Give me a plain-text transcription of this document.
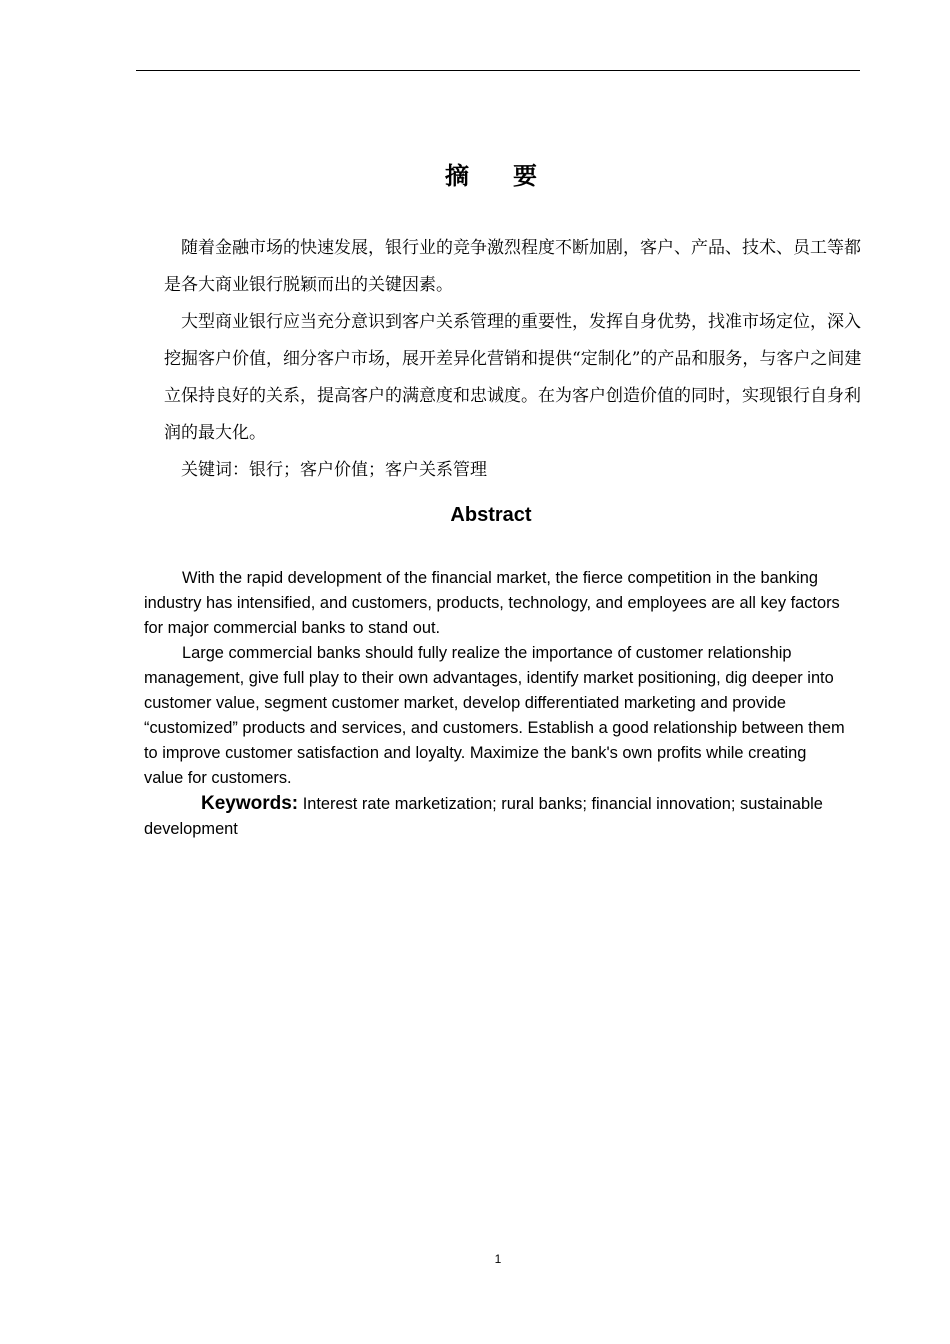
摘要

随着金融市场的快速发展，银行业的竞争激烈程度不断加剧，客户、产品、技术、员工等都是各大商业银行脱颖而出的关键因素。

大型商业银行应当充分意识到客户关系管理的重要性，发挥自身优势，找准市场定位，深入挖掘客户价值，细分客户市场，展开差异化营销和提供“定制化”的产品和服务，与客户之间建立保持良好的关系，提高客户的满意度和忠诚度。在为客户创造价值的同时，实现银行自身利润的最大化。

关键词：银行；客户价值；客户关系管理

Abstract

With the rapid development of the financial market, the fierce competition in the banking industry has intensified, and customers, products, technology, and employees are all key factors for major commercial banks to stand out.

Large commercial banks should fully realize the importance of customer relationship management, give full play to their own advantages, identify market positioning, dig deeper into customer value, segment customer market, develop differentiated marketing and provide “customized” products and services, and customers. Establish a good relationship between them to improve customer satisfaction and loyalty. Maximize the bank's own profits while creating value for customers.

Keywords: Interest rate marketization; rural banks; financial innovation; sustainable development

1
